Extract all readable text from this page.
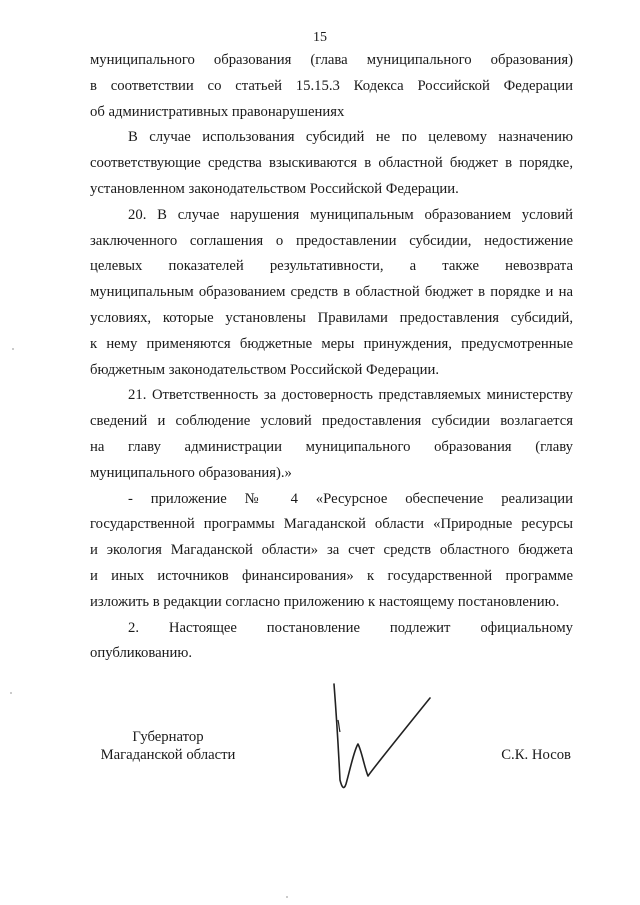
15

муниципального образования (глава муниципального образования)

в соответствии со статьей 15.15.3 Кодекса Российской Федерации

об административных правонарушениях

В случае использования субсидий не по целевому назначению

соответствующие средства взыскиваются в областной бюджет в порядке,

установленном законодательством Российской Федерации.

20. В случае нарушения муниципальным образованием условий

заключенного соглашения о предоставлении субсидии, недостижение

целевых показателей результативности, а также невозврата

муниципальным образованием средств в областной бюджет в порядке и на

условиях, которые установлены Правилами предоставления субсидий,

к нему применяются бюджетные меры принуждения, предусмотренные

бюджетным законодательством Российской Федерации.

21. Ответственность за достоверность представляемых министерству

сведений и соблюдение условий предоставления субсидии возлагается

на главу администрации муниципального образования (главу

муниципального образования).»

- приложение № 4 «Ресурсное обеспечение реализации

государственной программы Магаданской области «Природные ресурсы

и экология Магаданской области» за счет средств областного бюджета

и иных источников финансирования» к государственной программе

изложить в редакции согласно приложению к настоящему постановлению.

2. Настоящее постановление подлежит официальному

опубликованию.

Губернатор
Магаданской области	С.К. Носов
